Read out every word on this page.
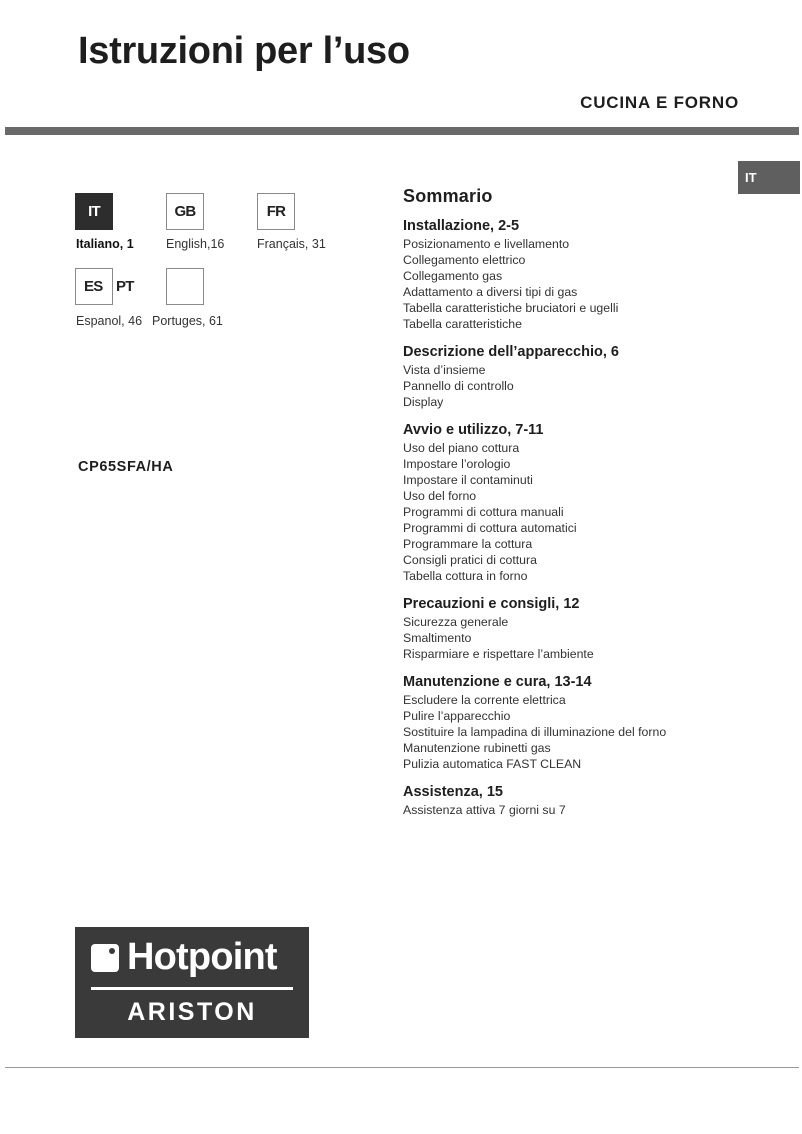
Istruzioni per l’uso
CUCINA E FORNO
IT
IT	GB	FR
ES PT
Italiano, 1	English,16	Français, 31
Espanol, 46 Portuges, 61
CP65SFA/HA
Sommario
Installazione, 2-5
Posizionamento e livellamento
Collegamento elettrico
Collegamento gas
Adattamento a diversi tipi di gas
Tabella caratteristiche bruciatori e ugelli
Tabella caratteristiche
Descrizione dell’apparecchio, 6
Vista d’insieme
Pannello di controllo
Display
Avvio e utilizzo, 7-11
Uso del piano cottura
Impostare l’orologio
Impostare il contaminuti
Uso del forno
Programmi di cottura manuali
Programmi di cottura automatici
Programmare la cottura
Consigli pratici di cottura
Tabella cottura in forno
Precauzioni e consigli, 12
Sicurezza generale
Smaltimento
Risparmiare e rispettare l’ambiente
Manutenzione e cura, 13-14
Escludere la corrente elettrica
Pulire l’apparecchio
Sostituire la lampadina di illuminazione del forno
Manutenzione rubinetti gas
Pulizia automatica FAST CLEAN
Assistenza, 15
Assistenza attiva 7 giorni su 7
Hotpoint
ARISTON
